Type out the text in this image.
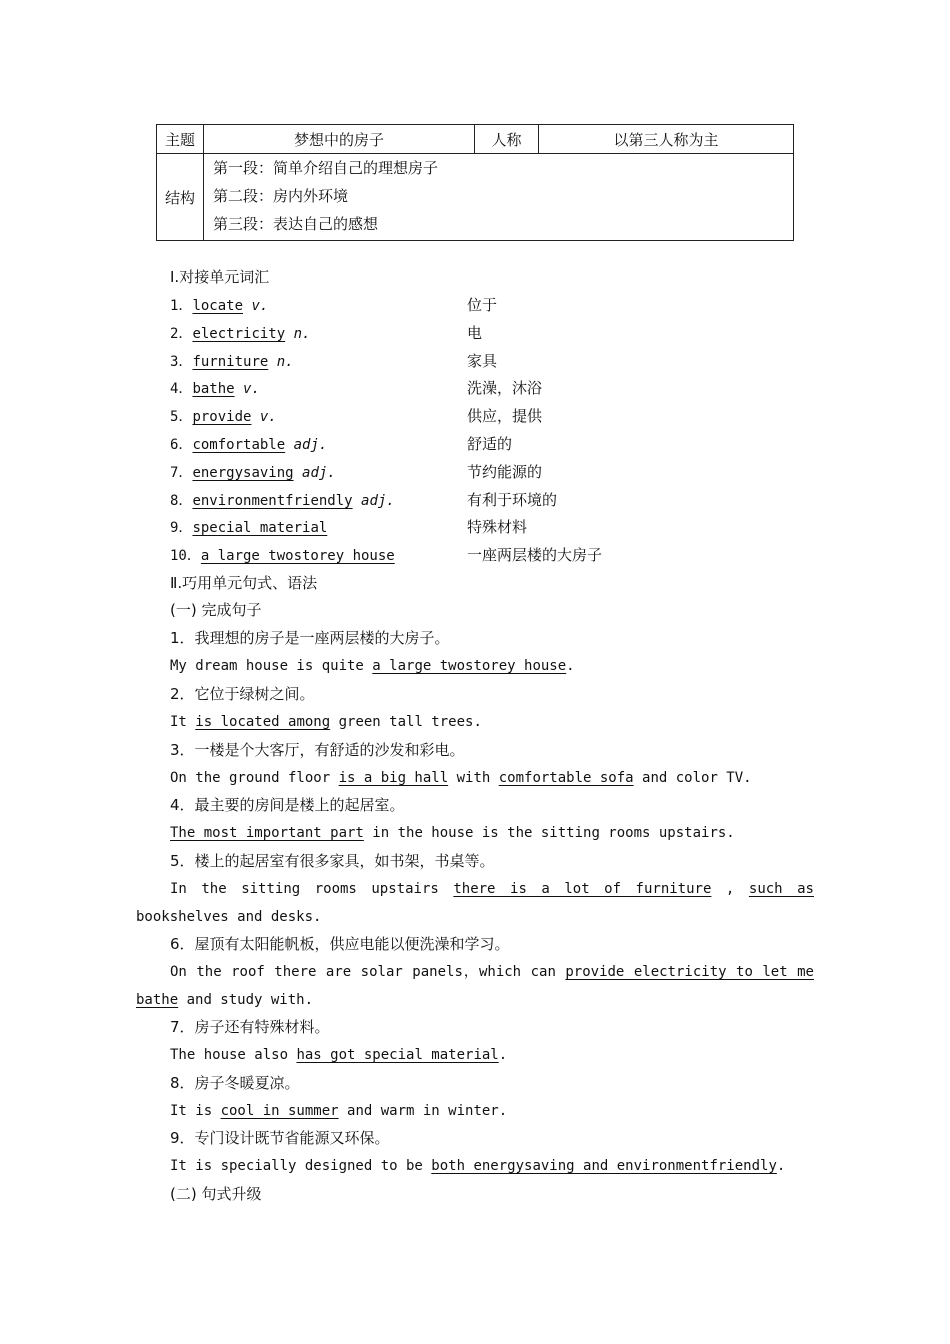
主题	梦想中的房子	人称	以第三人称为主
结构	第一段：简单介绍自己的理想房子
第二段：房内外环境
第三段：表达自己的感想		
Ⅰ.对接单元词汇
1．locate v.	位于
2．electricity n.	电
3．furniture n.	家具
4．bathe v.	洗澡，沐浴
5．provide v.	供应，提供
6．comfortable adj.	舒适的
7．energysaving adj.	节约能源的
8．environmentfriendly adj.	有利于环境的
9．special material	特殊材料
10．a large twostorey house	一座两层楼的大房子
Ⅱ.巧用单元句式、语法
(一) 完成句子
1．我理想的房子是一座两层楼的大房子。
My dream house is quite a large twostorey house.
2．它位于绿树之间。
It is located among green tall trees.
3．一楼是个大客厅，有舒适的沙发和彩电。
On the ground floor is a big hall with comfortable sofa and color TV.
4．最主要的房间是楼上的起居室。
The most important part in the house is the sitting rooms upstairs.
5．楼上的起居室有很多家具，如书架，书桌等。
In the sitting rooms upstairs there is a lot of furniture , such as
bookshelves and desks.
6．屋顶有太阳能帆板，供应电能以便洗澡和学习。
On the roof there are solar panels，which can provide electricity to let me
bathe and study with.
7．房子还有特殊材料。
The house also has got special material.
8．房子冬暖夏凉。
It is cool in summer and warm in winter.
9．专门设计既节省能源又环保。
It is specially designed to be both energysaving and environmentfriendly.
(二) 句式升级
